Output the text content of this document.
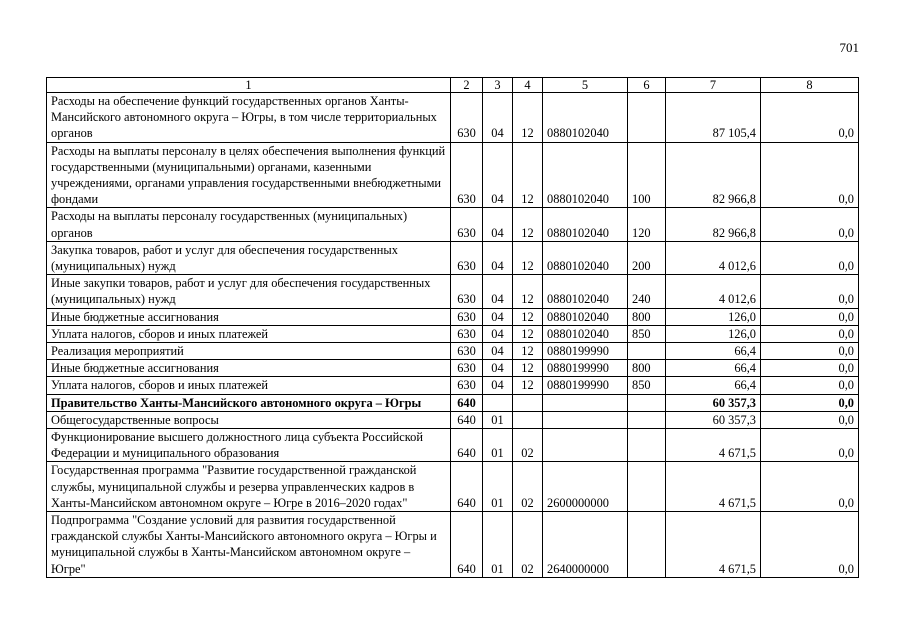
701
1	2	3	4	5	6	7	8
Расходы на обеспечение функций государственных органов Ханты-Мансийского автономного округа – Югры, в том числе территориальных органов	630	04	12	0880102040		87 105,4	0,0
Расходы на выплаты персоналу в целях обеспечения выполнения функций государственными (муниципальными) органами, казенными учреждениями, органами управления государственными внебюджетными фондами	630	04	12	0880102040	100	82 966,8	0,0
Расходы на выплаты персоналу государственных (муниципальных) органов	630	04	12	0880102040	120	82 966,8	0,0
Закупка товаров, работ и услуг для обеспечения государственных (муниципальных) нужд	630	04	12	0880102040	200	4 012,6	0,0
Иные закупки товаров, работ и услуг для обеспечения государственных (муниципальных) нужд	630	04	12	0880102040	240	4 012,6	0,0
Иные бюджетные ассигнования	630	04	12	0880102040	800	126,0	0,0
Уплата налогов, сборов и иных платежей	630	04	12	0880102040	850	126,0	0,0
Реализация мероприятий	630	04	12	0880199990		66,4	0,0
Иные бюджетные ассигнования	630	04	12	0880199990	800	66,4	0,0
Уплата налогов, сборов и иных платежей	630	04	12	0880199990	850	66,4	0,0
Правительство Ханты-Мансийского автономного округа – Югры	640					60 357,3	0,0
Общегосударственные вопросы	640	01				60 357,3	0,0
Функционирование высшего должностного лица субъекта Российской Федерации и муниципального образования	640	01	02			4 671,5	0,0
Государственная программа "Развитие государственной гражданской службы, муниципальной службы и резерва управленческих кадров в Ханты-Мансийском автономном округе – Югре в 2016–2020 годах"	640	01	02	2600000000		4 671,5	0,0
Подпрограмма "Создание условий для развития государственной гражданской службы Ханты-Мансийского автономного округа – Югры и муниципальной службы в Ханты-Мансийском автономном округе – Югре"	640	01	02	2640000000		4 671,5	0,0
